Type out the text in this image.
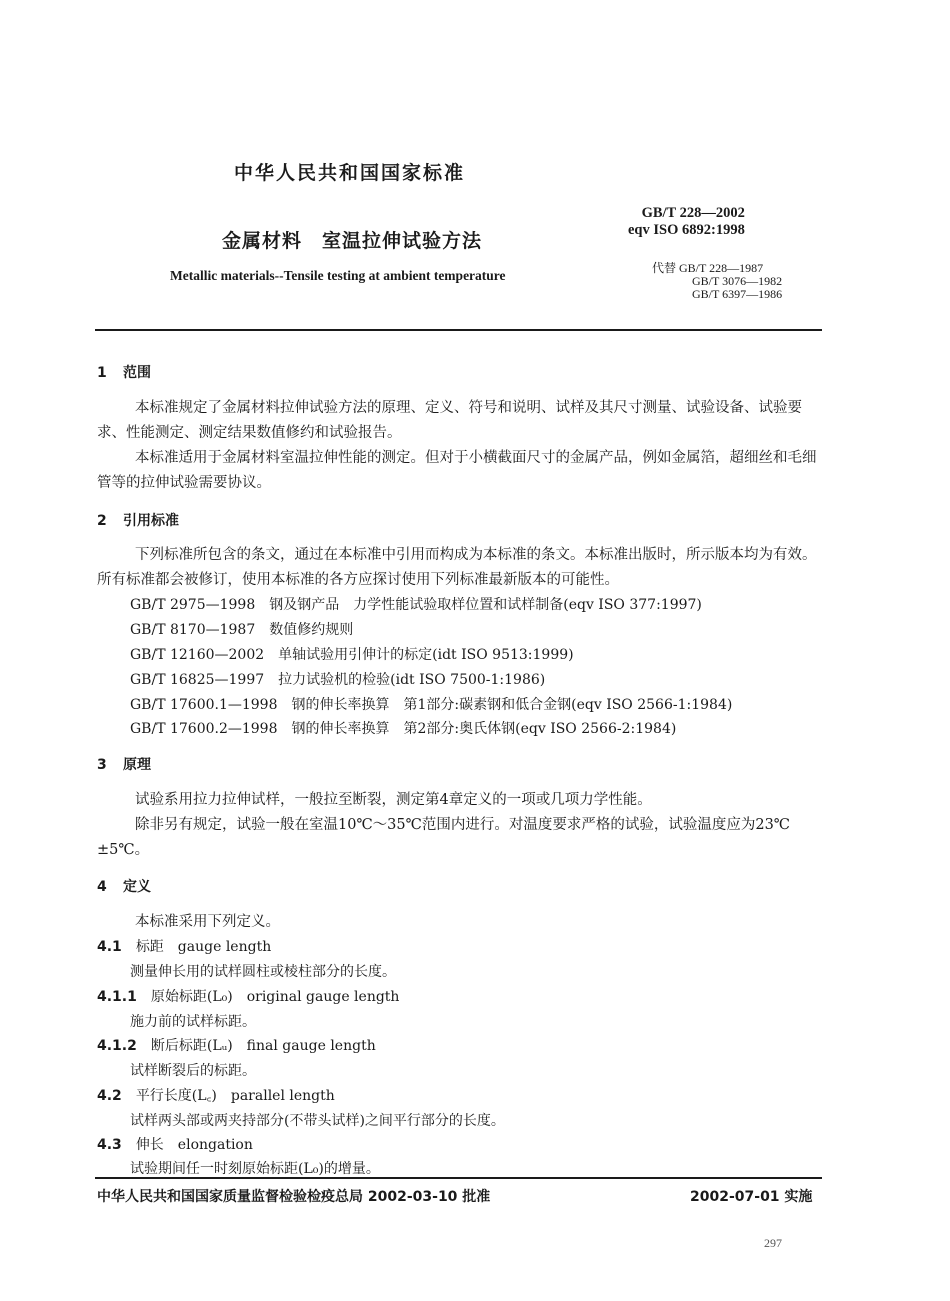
中华人民共和国国家标准
金属材料　室温拉伸试验方法
Metallic materials--Tensile testing at ambient temperature
GB/T 228—2002
eqv ISO 6892:1998
代替 GB/T 228—1987
GB/T 3076—1982
GB/T 6397—1986
1 范围
本标准规定了金属材料拉伸试验方法的原理、定义、符号和说明、试样及其尺寸测量、试验设备、试验要求、性能测定、测定结果数值修约和试验报告。
本标准适用于金属材料室温拉伸性能的测定。但对于小横截面尺寸的金属产品，例如金属箔，超细丝和毛细管等的拉伸试验需要协议。
2 引用标准
下列标准所包含的条文，通过在本标准中引用而构成为本标准的条文。本标准出版时，所示版本均为有效。所有标准都会被修订，使用本标准的各方应探讨使用下列标准最新版本的可能性。
GB/T 2975—1998　钢及钢产品　力学性能试验取样位置和试样制备(eqv ISO 377:1997)
GB/T 8170—1987　数值修约规则
GB/T 12160—2002　单轴试验用引伸计的标定(idt ISO 9513:1999)
GB/T 16825—1997　拉力试验机的检验(idt ISO 7500-1:1986)
GB/T 17600.1—1998　钢的伸长率换算　第1部分:碳素钢和低合金钢(eqv ISO 2566-1:1984)
GB/T 17600.2—1998　钢的伸长率换算　第2部分:奥氏体钢(eqv ISO 2566-2:1984)
3 原理
试验系用拉力拉伸试样，一般拉至断裂，测定第4章定义的一项或几项力学性能。
除非另有规定，试验一般在室温10℃～35℃范围内进行。对温度要求严格的试验，试验温度应为23℃±5℃。
4 定义
本标准采用下列定义。
4.1　 标距　gauge length
测量伸长用的试样圆柱或棱柱部分的长度。
4.1.1　 原始标距(L₀)　original gauge length
施力前的试样标距。
4.1.2　 断后标距(Lᵤ)　final gauge length
试样断裂后的标距。
4.2　 平行长度(L꜀)　parallel length
试样两头部或两夹持部分(不带头试样)之间平行部分的长度。
4.3　 伸长　elongation
试验期间任一时刻原始标距(L₀)的增量。
中华人民共和国国家质量监督检验检疫总局 2002-03-10 批准	2002-07-01 实施
297
